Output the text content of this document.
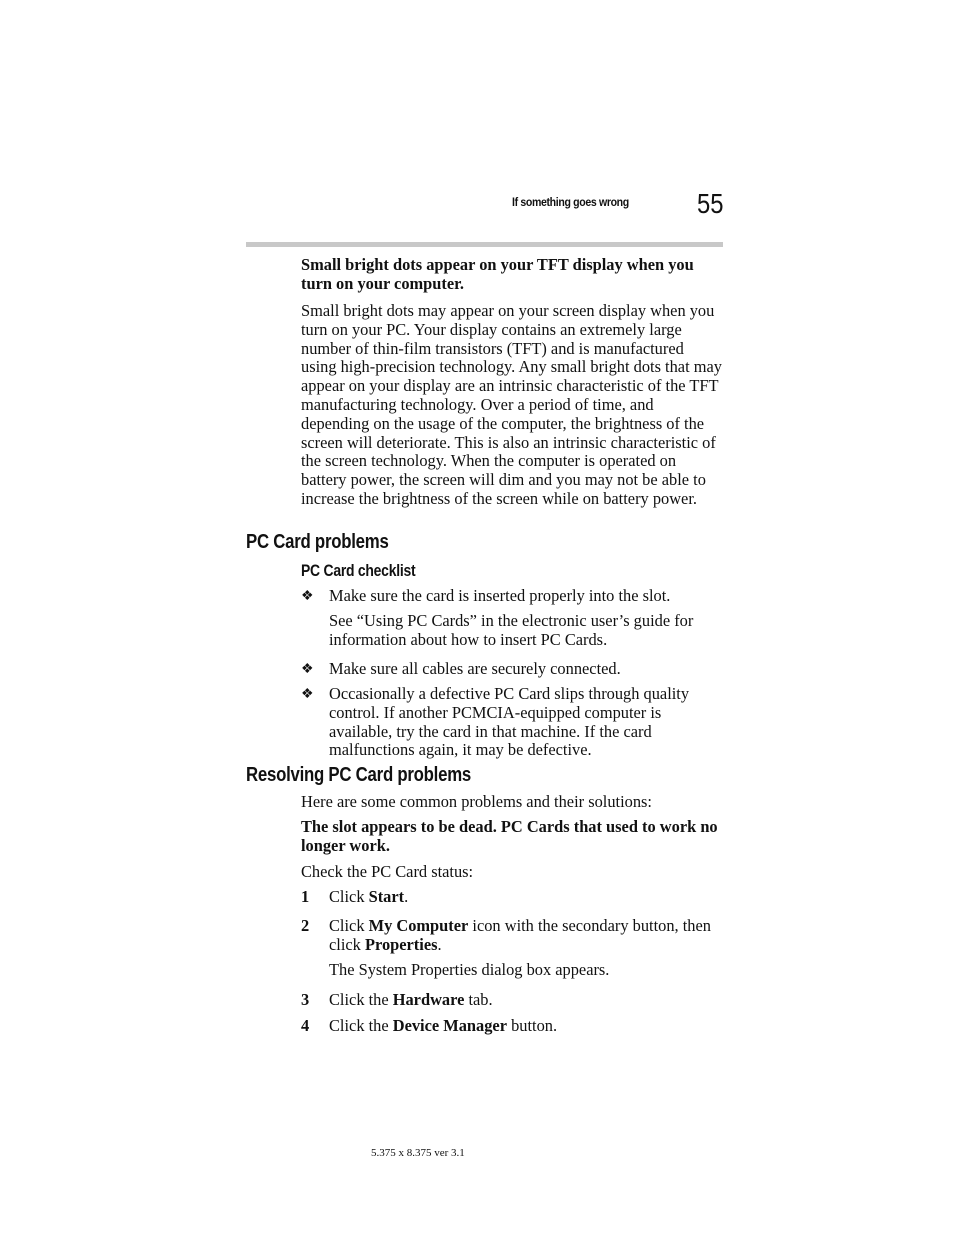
If something goes wrong 55
Small bright dots appear on your TFT display when you turn on your computer.
Small bright dots may appear on your screen display when you turn on your PC. Your display contains an extremely large number of thin-film transistors (TFT) and is manufactured using high-precision technology. Any small bright dots that may appear on your display are an intrinsic characteristic of the TFT manufacturing technology. Over a period of time, and depending on the usage of the computer, the brightness of the screen will deteriorate. This is also an intrinsic characteristic of the screen technology. When the computer is operated on battery power, the screen will dim and you may not be able to increase the brightness of the screen while on battery power.
PC Card problems
PC Card checklist
❖ Make sure the card is inserted properly into the slot.
See “Using PC Cards” in the electronic user’s guide for information about how to insert PC Cards.
❖ Make sure all cables are securely connected.
❖ Occasionally a defective PC Card slips through quality control. If another PCMCIA-equipped computer is available, try the card in that machine. If the card malfunctions again, it may be defective.
Resolving PC Card problems
Here are some common problems and their solutions:
The slot appears to be dead. PC Cards that used to work no longer work.
Check the PC Card status:
1 Click Start.
2 Click My Computer icon with the secondary button, then click Properties.
The System Properties dialog box appears.
3 Click the Hardware tab.
4 Click the Device Manager button.
5.375 x 8.375 ver 3.1
